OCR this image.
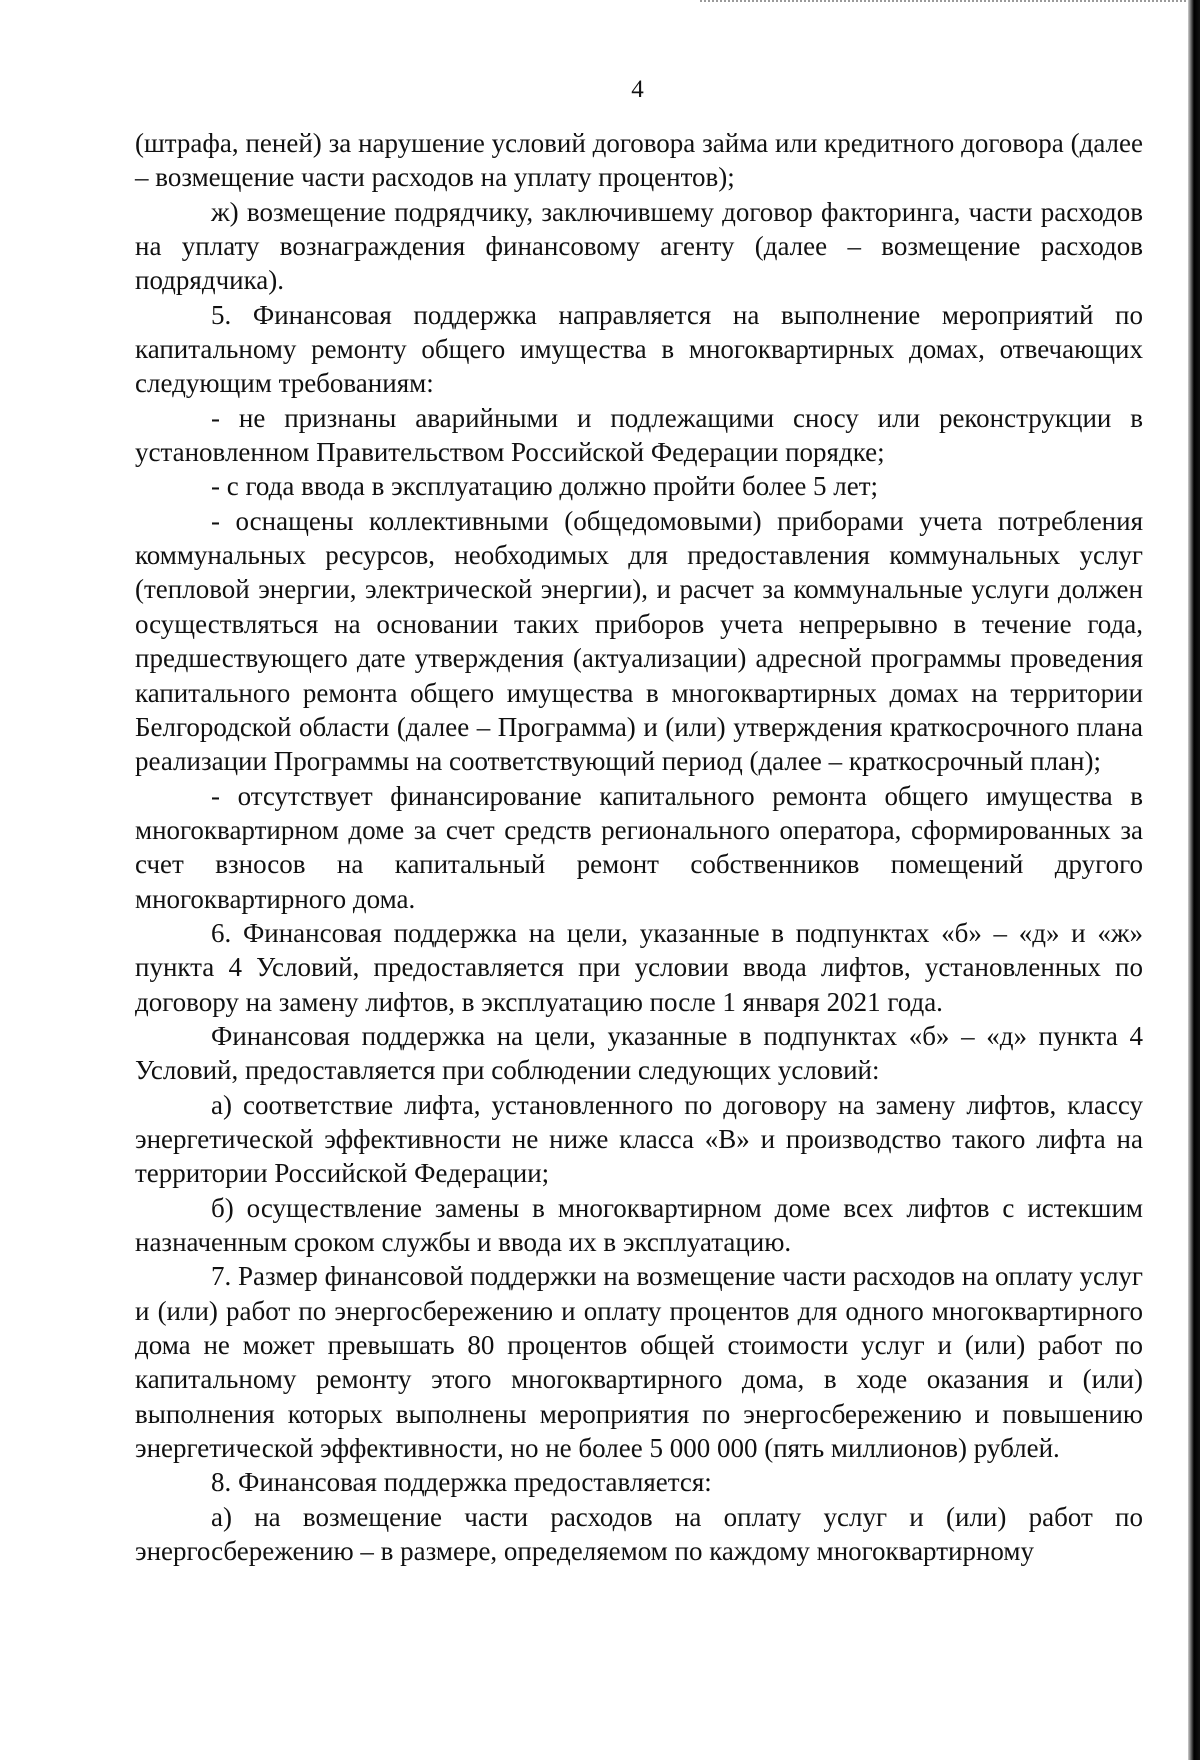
4

(штрафа, пеней) за нарушение условий договора займа или кредитного договора (далее – возмещение части расходов на уплату процентов);

ж) возмещение подрядчику, заключившему договор факторинга, части расходов на уплату вознаграждения финансовому агенту (далее – возмещение расходов подрядчика).

5. Финансовая поддержка направляется на выполнение мероприятий по капитальному ремонту общего имущества в многоквартирных домах, отвечающих следующим требованиям:

- не признаны аварийными и подлежащими сносу или реконструкции в установленном Правительством Российской Федерации порядке;

- с года ввода в эксплуатацию должно пройти более 5 лет;

- оснащены коллективными (общедомовыми) приборами учета потребления коммунальных ресурсов, необходимых для предоставления коммунальных услуг (тепловой энергии, электрической энергии), и расчет за коммунальные услуги должен осуществляться на основании таких приборов учета непрерывно в течение года, предшествующего дате утверждения (актуализации) адресной программы проведения капитального ремонта общего имущества в многоквартирных домах на территории Белгородской области (далее – Программа) и (или) утверждения краткосрочного плана реализации Программы на соответствующий период (далее – краткосрочный план);

- отсутствует финансирование капитального ремонта общего имущества в многоквартирном доме за счет средств регионального оператора, сформированных за счет взносов на капитальный ремонт собственников помещений другого многоквартирного дома.

6. Финансовая поддержка на цели, указанные в подпунктах «б» – «д» и «ж» пункта 4 Условий, предоставляется при условии ввода лифтов, установленных по договору на замену лифтов, в эксплуатацию после 1 января 2021 года.

Финансовая поддержка на цели, указанные в подпунктах «б» – «д» пункта 4 Условий, предоставляется при соблюдении следующих условий:

а) соответствие лифта, установленного по договору на замену лифтов, классу энергетической эффективности не ниже класса «В» и производство такого лифта на территории Российской Федерации;

б) осуществление замены в многоквартирном доме всех лифтов с истекшим назначенным сроком службы и ввода их в эксплуатацию.

7. Размер финансовой поддержки на возмещение части расходов на оплату услуг и (или) работ по энергосбережению и оплату процентов для одного многоквартирного дома не может превышать 80 процентов общей стоимости услуг и (или) работ по капитальному ремонту этого многоквартирного дома, в ходе оказания и (или) выполнения которых выполнены мероприятия по энергосбережению и повышению энергетической эффективности, но не более 5 000 000 (пять миллионов) рублей.

8. Финансовая поддержка предоставляется:

а) на возмещение части расходов на оплату услуг и (или) работ по энергосбережению – в размере, определяемом по каждому многоквартирному
